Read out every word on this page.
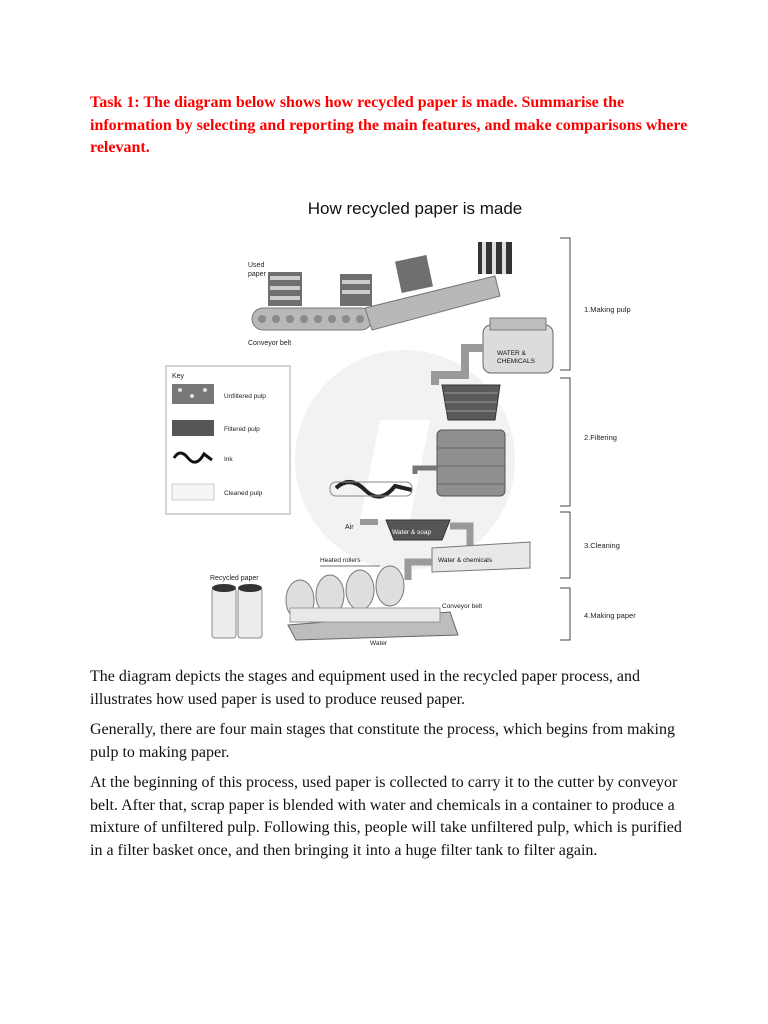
Task 1: The diagram below shows how recycled paper is made. Summarise the information by selecting and reporting the main features, and make comparisons where relevant.

How recycled paper is made
Used
paper
Conveyor belt
WATER &
CHEMICALS
Air
Water & soap
Water & chemicals
Heated rollers
Conveyor belt
Water
Recycled paper
Key
Unfiltered pulp
Filtered pulp
Ink
Cleaned pulp
1.Making pulp
2.Filtering
3.Cleaning
4.Making paper

The diagram depicts the stages and equipment used in the recycled paper process, and illustrates how used paper is used to produce reused paper.

Generally, there are four main stages that constitute the process, which begins from making pulp to making paper.

At the beginning of this process, used paper is collected to carry it to the cutter by conveyor belt. After that, scrap paper is blended with water and chemicals in a container to produce a mixture of unfiltered pulp. Following this, people will take unfiltered pulp, which is purified in a filter basket once, and then bringing it into a huge filter tank to filter again.
